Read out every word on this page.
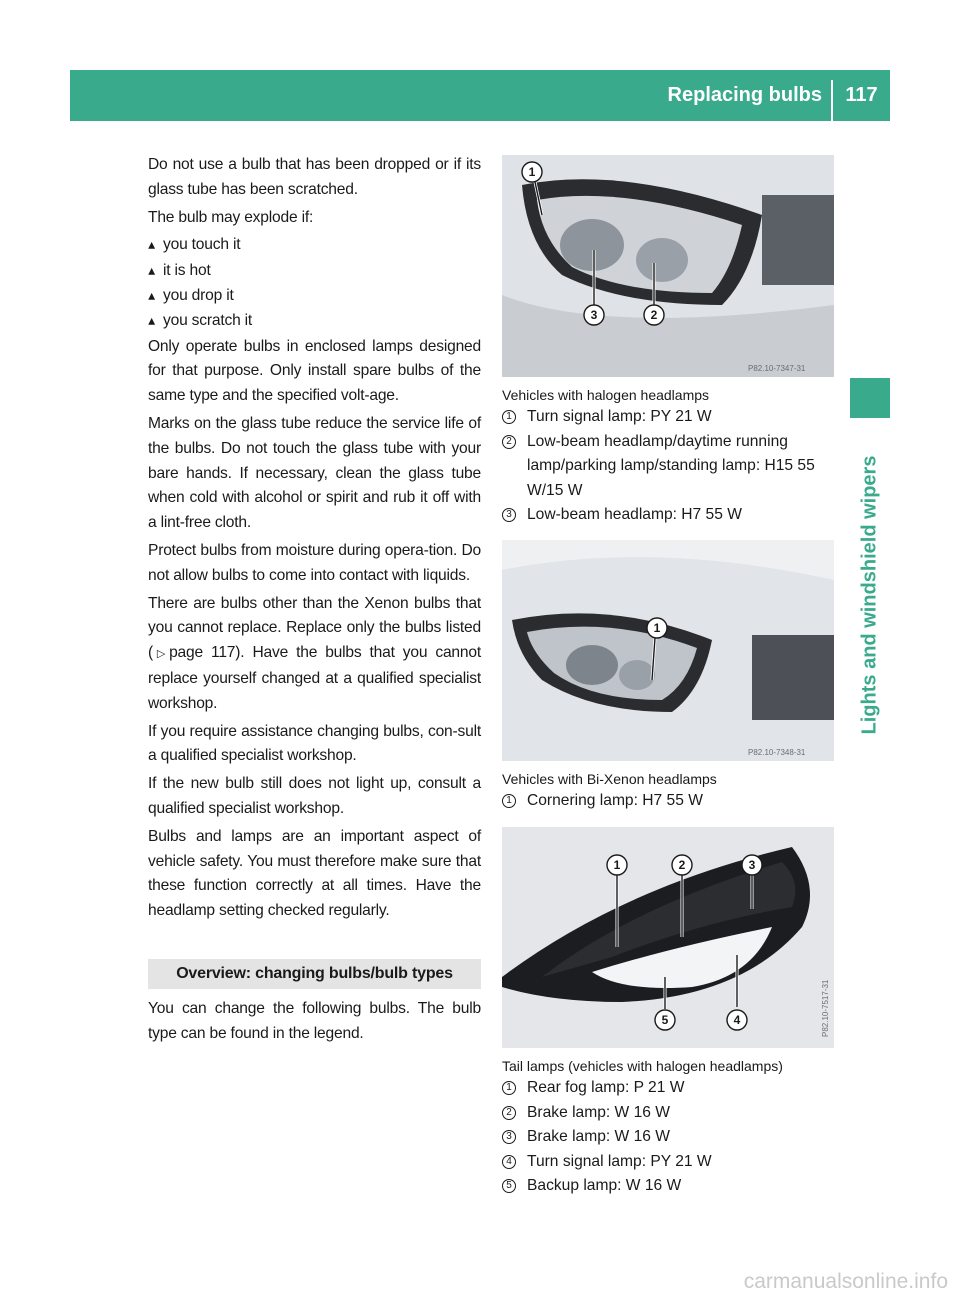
Replacing bulbs	117
Lights and windshield wipers

Do not use a bulb that has been dropped or if its glass tube has been scratched.

The bulb may explode if:

▶ you touch it
▶ it is hot
▶ you drop it
▶ you scratch it

Only operate bulbs in enclosed lamps designed for that purpose. Only install spare bulbs of the same type and the specified volt-age.

Marks on the glass tube reduce the service life of the bulbs. Do not touch the glass tube with your bare hands. If necessary, clean the glass tube when cold with alcohol or spirit and rub it off with a lint-free cloth.

Protect bulbs from moisture during opera-tion. Do not allow bulbs to come into contact with liquids.

There are bulbs other than the Xenon bulbs that you cannot replace. Replace only the bulbs listed (▷page 117). Have the bulbs that you cannot replace yourself changed at a qualified specialist workshop.

If you require assistance changing bulbs, con-sult a qualified specialist workshop.

If the new bulb still does not light up, consult a qualified specialist workshop.

Bulbs and lamps are an important aspect of vehicle safety. You must therefore make sure that these function correctly at all times. Have the headlamp setting checked regularly.

Overview: changing bulbs/bulb types

You can change the following bulbs. The bulb type can be found in the legend.

1
3	2
P82.10-7347-31
Vehicles with halogen headlamps
1 Turn signal lamp: PY 21 W
2 Low-beam headlamp/daytime running lamp/parking lamp/standing lamp: H15 55 W/15 W
3 Low-beam headlamp: H7 55 W
1
P82.10-7348-31
Vehicles with Bi-Xenon headlamps
1 Cornering lamp: H7 55 W
1	2	3
4
5	P82.10-7517-31
Tail lamps (vehicles with halogen headlamps)
1 Rear fog lamp: P 21 W
2 Brake lamp: W 16 W
3 Brake lamp: W 16 W
4 Turn signal lamp: PY 21 W
5 Backup lamp: W 16 W
carmanualsonline.info
